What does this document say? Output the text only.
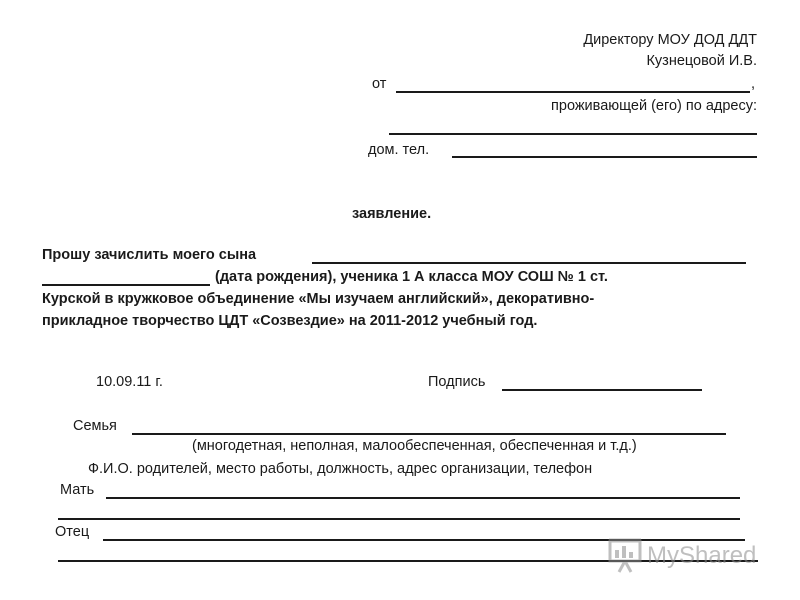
Директору МОУ ДОД ДДТ
Кузнецовой И.В.
от	,
проживающей (его) по адресу:
дом. тел.
заявление.
Прошу зачислить моего сына
(дата рождения), ученика 1 А класса МОУ СОШ № 1 ст.
Курской в кружковое объединение «Мы изучаем английский», декоративно-
прикладное творчество ЦДТ «Созвездие» на 2011-2012 учебный год.
10.09.11 г.	Подпись
Семья
(многодетная, неполная, малообеспеченная, обеспеченная и т.д.)
Ф.И.О. родителей, место работы, должность, адрес организации, телефон
Мать
Отец
MyShared
